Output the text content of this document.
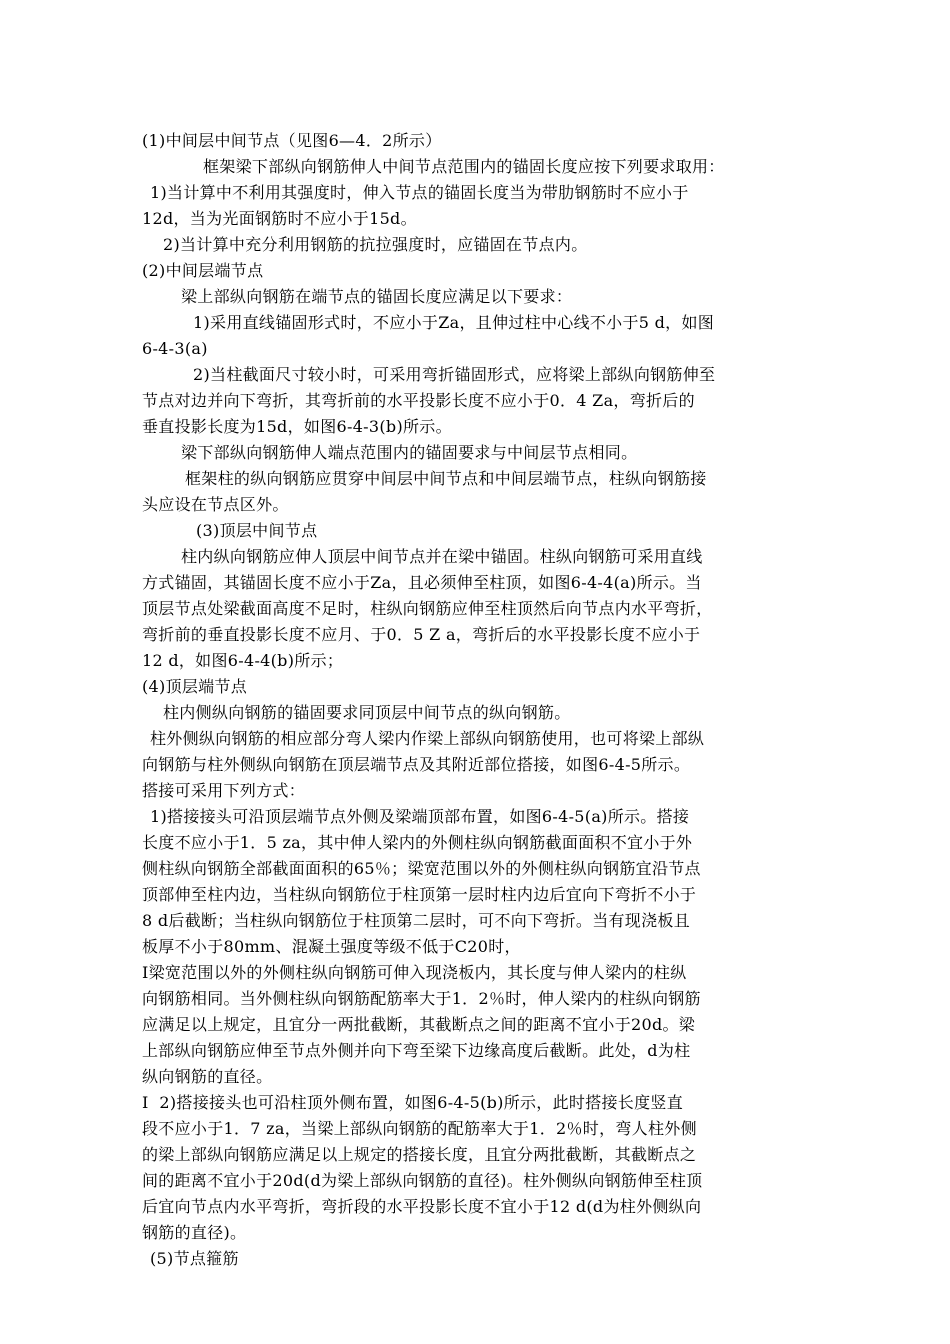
(1)中间层中间节点（见图6—4．2所示）
框架梁下部纵向钢筋伸人中间节点范围内的锚固长度应按下列要求取用：
1)当计算中不利用其强度时，伸入节点的锚固长度当为带肋钢筋时不应小于
12d，当为光面钢筋时不应小于15d。
2)当计算中充分利用钢筋的抗拉强度时，应锚固在节点内。
(2)中间层端节点
梁上部纵向钢筋在端节点的锚固长度应满足以下要求：
1)采用直线锚固形式时，不应小于Za，且伸过柱中心线不小于5 d，如图
6-4-3(a)
2)当柱截面尺寸较小时，可采用弯折锚固形式，应将梁上部纵向钢筋伸至
节点对边并向下弯折，其弯折前的水平投影长度不应小于0．4 Za，弯折后的
垂直投影长度为15d，如图6-4-3(b)所示。
梁下部纵向钢筋伸人端点范围内的锚固要求与中间层节点相同。
框架柱的纵向钢筋应贯穿中间层中间节点和中间层端节点，柱纵向钢筋接
头应设在节点区外。
(3)顶层中间节点
柱内纵向钢筋应伸人顶层中间节点并在梁中锚固。柱纵向钢筋可采用直线
方式锚固，其锚固长度不应小于Za，且必须伸至柱顶，如图6-4-4(a)所示。当
顶层节点处梁截面高度不足时，柱纵向钢筋应伸至柱顶然后向节点内水平弯折，
弯折前的垂直投影长度不应月、于0．5 Z a，弯折后的水平投影长度不应小于
12 d，如图6-4-4(b)所示；
(4)顶层端节点
柱内侧纵向钢筋的锚固要求同顶层中间节点的纵向钢筋。
柱外侧纵向钢筋的相应部分弯人梁内作梁上部纵向钢筋使用，也可将梁上部纵
向钢筋与柱外侧纵向钢筋在顶层端节点及其附近部位搭接，如图6-4-5所示。
搭接可采用下列方式：
1)搭接接头可沿顶层端节点外侧及梁端顶部布置，如图6-4-5(a)所示。搭接
长度不应小于1．5 za，其中伸人梁内的外侧柱纵向钢筋截面面积不宜小于外
侧柱纵向钢筋全部截面面积的65％；梁宽范围以外的外侧柱纵向钢筋宜沿节点
顶部伸至柱内边，当柱纵向钢筋位于柱顶第一层时柱内边后宜向下弯折不小于
8 d后截断；当柱纵向钢筋位于柱顶第二层时，可不向下弯折。当有现浇板且
板厚不小于80mm、混凝土强度等级不低于C20时，
I梁宽范围以外的外侧柱纵向钢筋可伸入现浇板内，其长度与伸人梁内的柱纵
向钢筋相同。当外侧柱纵向钢筋配筋率大于1．2％时，伸人梁内的柱纵向钢筋
应满足以上规定，且宜分一两批截断，其截断点之间的距离不宜小于20d。梁
上部纵向钢筋应伸至节点外侧并向下弯至梁下边缘高度后截断。此处，d为柱
纵向钢筋的直径。
I  2)搭接接头也可沿柱顶外侧布置，如图6-4-5(b)所示，此时搭接长度竖直
段不应小于1．7 za，当梁上部纵向钢筋的配筋率大于1．2％时，弯人柱外侧
的梁上部纵向钢筋应满足以上规定的搭接长度，且宜分两批截断，其截断点之
间的距离不宜小于20d(d为梁上部纵向钢筋的直径)。柱外侧纵向钢筋伸至柱顶
后宜向节点内水平弯折，弯折段的水平投影长度不宜小于12 d(d为柱外侧纵向
钢筋的直径)。
(5)节点箍筋
